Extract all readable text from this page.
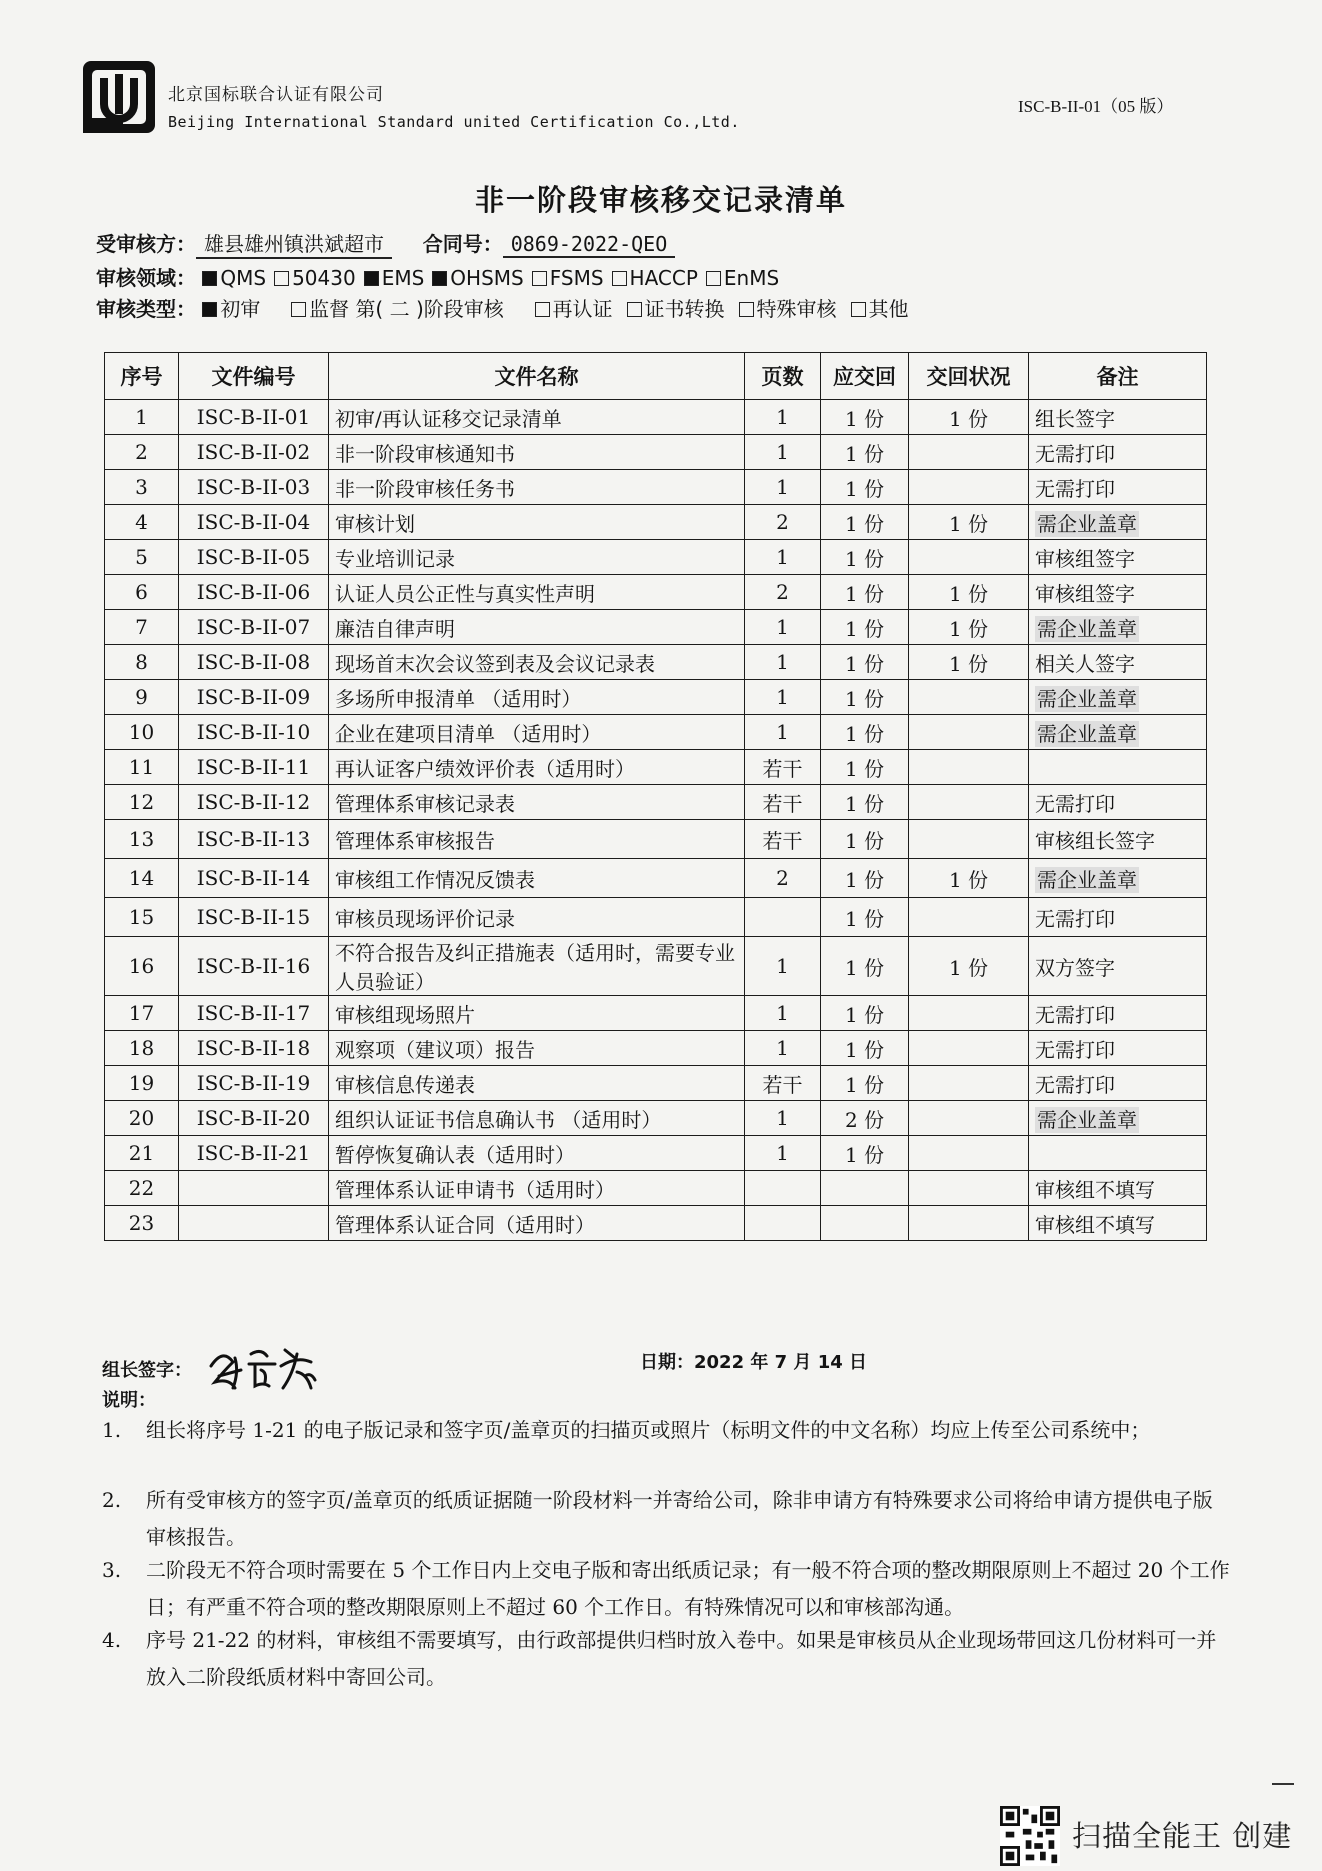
北京国标联合认证有限公司
Beijing International Standard united Certification Co.,Ltd.
ISC-B-II-01（05 版）
非一阶段审核移交记录清单
受审核方： 雄县雄州镇洪斌超市 合同号： 0869-2022-QEO
审核领域： QMS 50430 EMS OHSMS FSMS HACCP EnMS
审核类型： 初审 监督 第( 二 )阶段审核 再认证 证书转换 特殊审核 其他
序号	文件编号	文件名称	页数	应交回	交回状况	备注
1	ISC-B-II-01	初审/再认证移交记录清单	1	1 份	1 份	组长签字
2	ISC-B-II-02	非一阶段审核通知书	1	1 份		无需打印
3	ISC-B-II-03	非一阶段审核任务书	1	1 份		无需打印
4	ISC-B-II-04	审核计划	2	1 份	1 份	需企业盖章
5	ISC-B-II-05	专业培训记录	1	1 份		审核组签字
6	ISC-B-II-06	认证人员公正性与真实性声明	2	1 份	1 份	审核组签字
7	ISC-B-II-07	廉洁自律声明	1	1 份	1 份	需企业盖章
8	ISC-B-II-08	现场首末次会议签到表及会议记录表	1	1 份	1 份	相关人签字
9	ISC-B-II-09	多场所申报清单 （适用时）	1	1 份		需企业盖章
10	ISC-B-II-10	企业在建项目清单 （适用时）	1	1 份		需企业盖章
11	ISC-B-II-11	再认证客户绩效评价表（适用时）	若干	1 份		
12	ISC-B-II-12	管理体系审核记录表	若干	1 份		无需打印
13	ISC-B-II-13	管理体系审核报告	若干	1 份		审核组长签字
14	ISC-B-II-14	审核组工作情况反馈表	2	1 份	1 份	需企业盖章
15	ISC-B-II-15	审核员现场评价记录		1 份		无需打印
16	ISC-B-II-16	不符合报告及纠正措施表（适用时，需要专业人员验证）	1	1 份	1 份	双方签字
17	ISC-B-II-17	审核组现场照片	1	1 份		无需打印
18	ISC-B-II-18	观察项（建议项）报告	1	1 份		无需打印
19	ISC-B-II-19	审核信息传递表	若干	1 份		无需打印
20	ISC-B-II-20	组织认证证书信息确认书 （适用时）	1	2 份		需企业盖章
21	ISC-B-II-21	暂停恢复确认表（适用时）	1	1 份		
22		管理体系认证申请书（适用时）				审核组不填写
23		管理体系认证合同（适用时）				审核组不填写
组长签字：	日期：2022 年 7 月 14 日
说明：
1. 组长将序号 1-21 的电子版记录和签字页/盖章页的扫描页或照片（标明文件的中文名称）均应上传至公司系统中；
2. 所有受审核方的签字页/盖章页的纸质证据随一阶段材料一并寄给公司，除非申请方有特殊要求公司将给申请方提供电子版审核报告。
3. 二阶段无不符合项时需要在 5 个工作日内上交电子版和寄出纸质记录；有一般不符合项的整改期限原则上不超过 20 个工作日；有严重不符合项的整改期限原则上不超过 60 个工作日。有特殊情况可以和审核部沟通。
4. 序号 21-22 的材料，审核组不需要填写，由行政部提供归档时放入卷中。如果是审核员从企业现场带回这几份材料可一并放入二阶段纸质材料中寄回公司。
扫描全能王 创建
